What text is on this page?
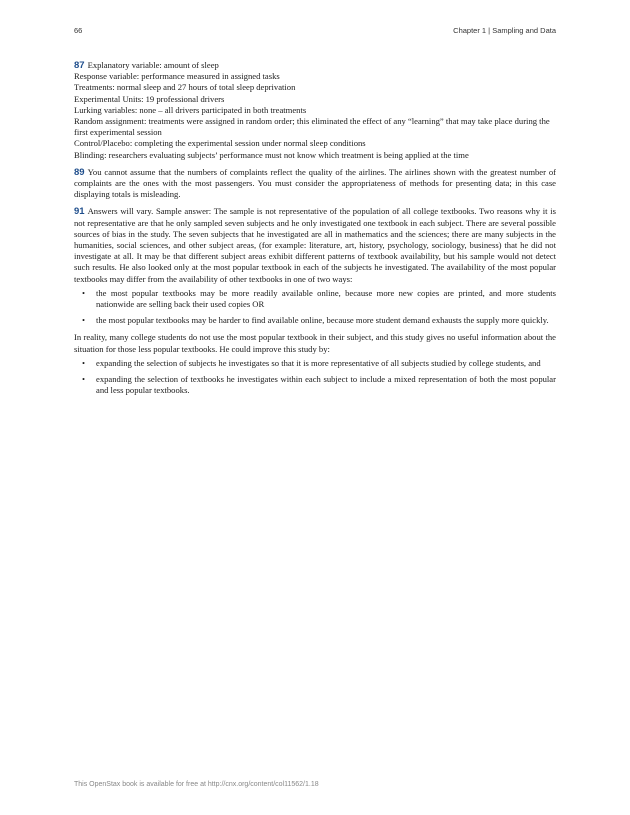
66	Chapter 1 | Sampling and Data
87 Explanatory variable: amount of sleep
Response variable: performance measured in assigned tasks
Treatments: normal sleep and 27 hours of total sleep deprivation
Experimental Units: 19 professional drivers
Lurking variables: none – all drivers participated in both treatments
Random assignment: treatments were assigned in random order; this eliminated the effect of any “learning” that may take place during the first experimental session
Control/Placebo: completing the experimental session under normal sleep conditions
Blinding: researchers evaluating subjects’ performance must not know which treatment is being applied at the time

89 You cannot assume that the numbers of complaints reflect the quality of the airlines. The airlines shown with the greatest number of complaints are the ones with the most passengers. You must consider the appropriateness of methods for presenting data; in this case displaying totals is misleading.

91 Answers will vary. Sample answer: The sample is not representative of the population of all college textbooks. Two reasons why it is not representative are that he only sampled seven subjects and he only investigated one textbook in each subject. There are several possible sources of bias in the study. The seven subjects that he investigated are all in mathematics and the sciences; there are many subjects in the humanities, social sciences, and other subject areas, (for example: literature, art, history, psychology, sociology, business) that he did not investigate at all. It may be that different subject areas exhibit different patterns of textbook availability, but his sample would not detect such results. He also looked only at the most popular textbook in each of the subjects he investigated. The availability of the most popular textbooks may differ from the availability of other textbooks in one of two ways:

• the most popular textbooks may be more readily available online, because more new copies are printed, and more students nationwide are selling back their used copies OR
• the most popular textbooks may be harder to find available online, because more student demand exhausts the supply more quickly.

In reality, many college students do not use the most popular textbook in their subject, and this study gives no useful information about the situation for those less popular textbooks. He could improve this study by:

• expanding the selection of subjects he investigates so that it is more representative of all subjects studied by college students, and
• expanding the selection of textbooks he investigates within each subject to include a mixed representation of both the most popular and less popular textbooks.
This OpenStax book is available for free at http://cnx.org/content/col11562/1.18
